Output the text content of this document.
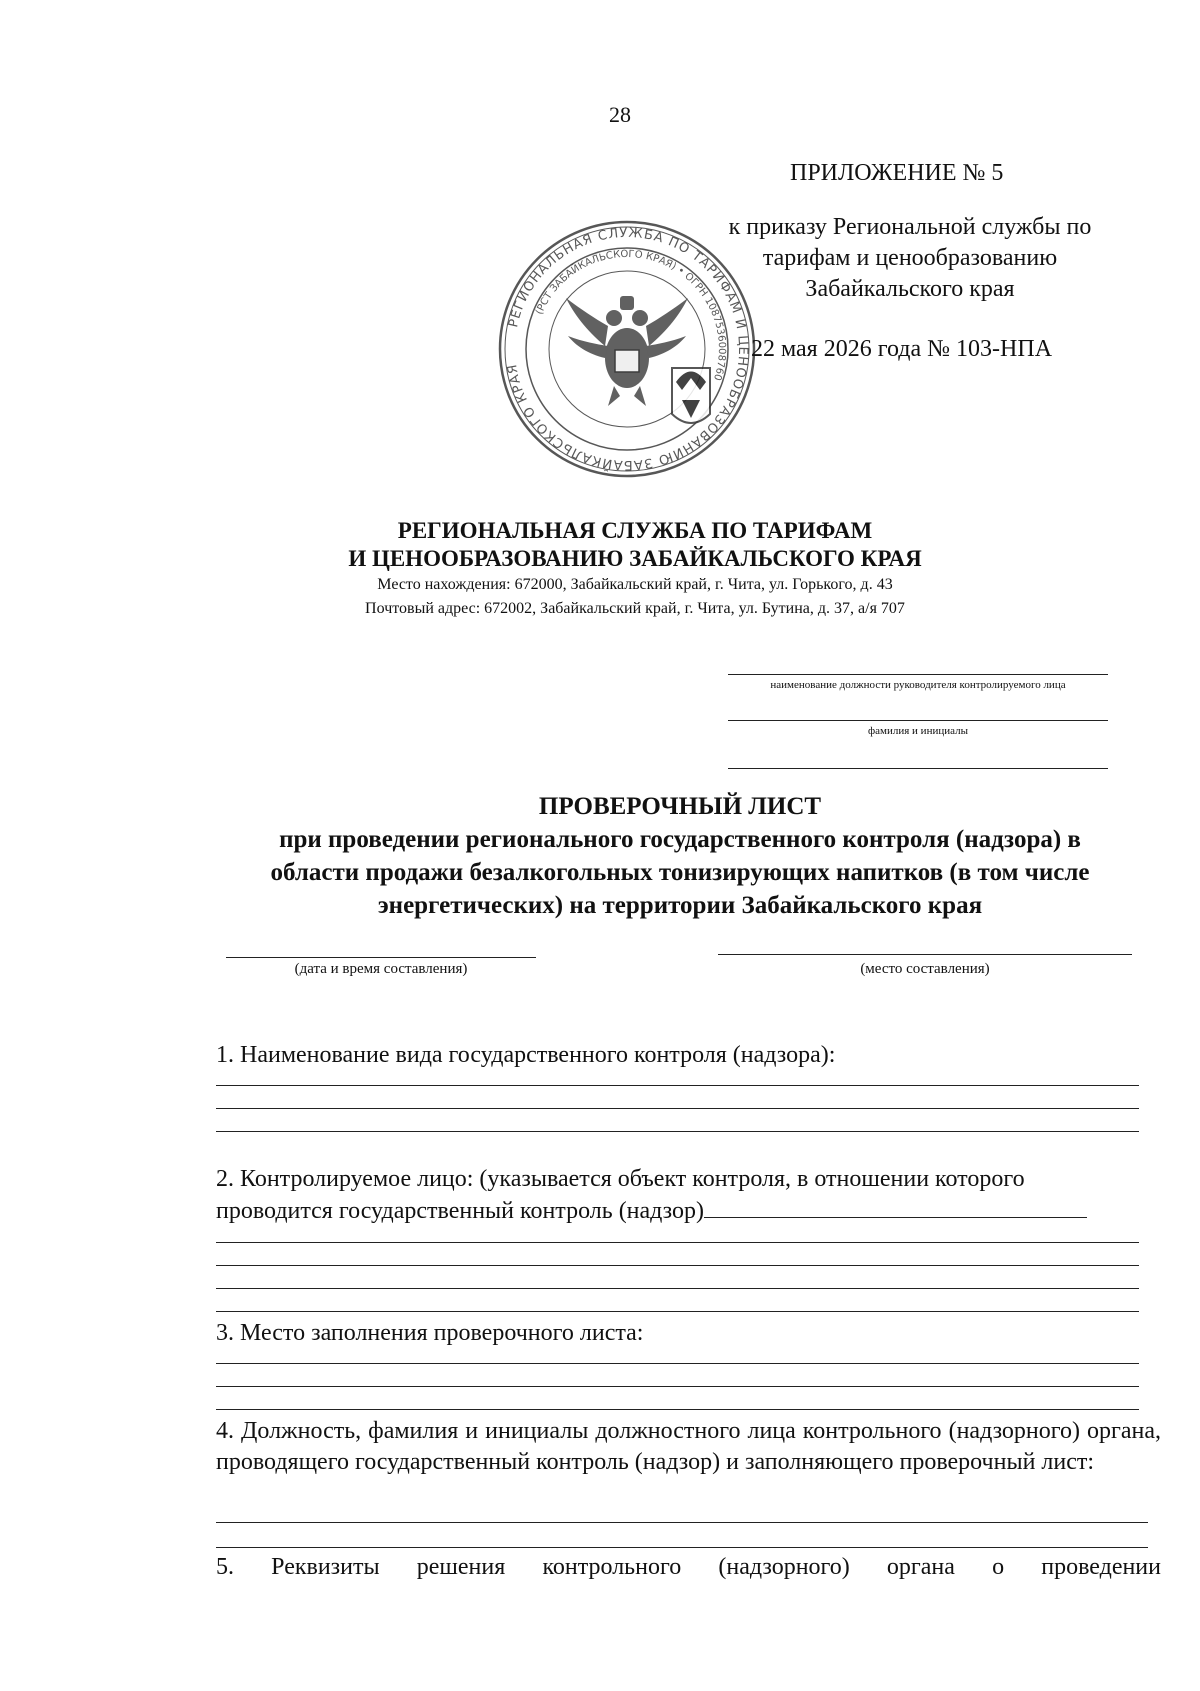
28
ПРИЛОЖЕНИЕ № 5
к приказу Региональной службы по
тарифам и ценообразованию
Забайкальского края
РЕГИОНАЛЬНАЯ СЛУЖБА ПО ТАРИФАМ И ЦЕНООБРАЗОВАНИЮ ЗАБАЙКАЛЬСКОГО КРАЯ
(РСТ ЗАБАЙКАЛЬСКОГО КРАЯ) • ОГРН 1087536008760
22 мая 2026 года № 103-НПА
РЕГИОНАЛЬНАЯ СЛУЖБА ПО ТАРИФАМ
И ЦЕНООБРАЗОВАНИЮ ЗАБАЙКАЛЬСКОГО КРАЯ
Место нахождения: 672000, Забайкальский край, г. Чита, ул. Горького, д. 43
Почтовый адрес: 672002, Забайкальский край, г. Чита, ул. Бутина, д. 37, а/я 707
наименование должности руководителя контролируемого лица
фамилия и инициалы
ПРОВЕРОЧНЫЙ ЛИСТ
при проведении регионального государственного контроля (надзора) в
области продажи безалкогольных тонизирующих напитков (в том числе
энергетических) на территории Забайкальского края
(дата и время составления)	(место составления)
1. Наименование вида государственного контроля (надзора):
2. Контролируемое лицо: (указывается объект контроля, в отношении которого
проводится государственный контроль (надзор)
3. Место заполнения проверочного листа:
4. Должность, фамилия и инициалы должностного лица контрольного (надзорного) органа, проводящего государственный контроль (надзор) и заполняющего проверочный лист:
5. Реквизиты решения контрольного (надзорного) органа о проведении
